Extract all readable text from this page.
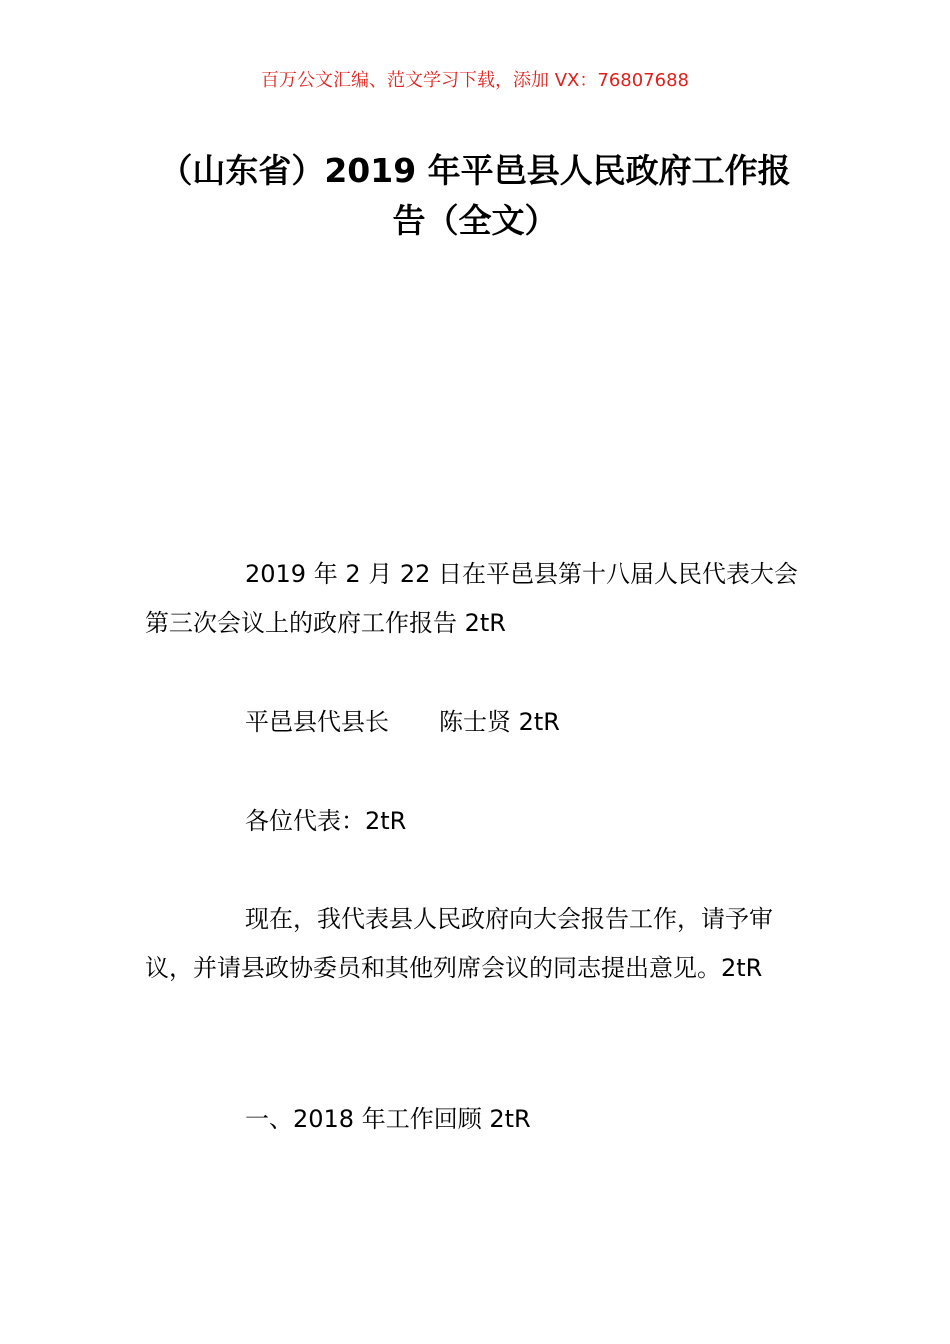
百万公文汇编、范文学习下载，添加 VX：76807688
（山东省）2019 年平邑县人民政府工作报
告（全文）

2019 年 2 月 22 日在平邑县第十八届人民代表大会第三次会议上的政府工作报告 2tR

平邑县代县长 陈士贤 2tR

各位代表：2tR

现在，我代表县人民政府向大会报告工作，请予审议，并请县政协委员和其他列席会议的同志提出意见。2tR

一、2018 年工作回顾 2tR
